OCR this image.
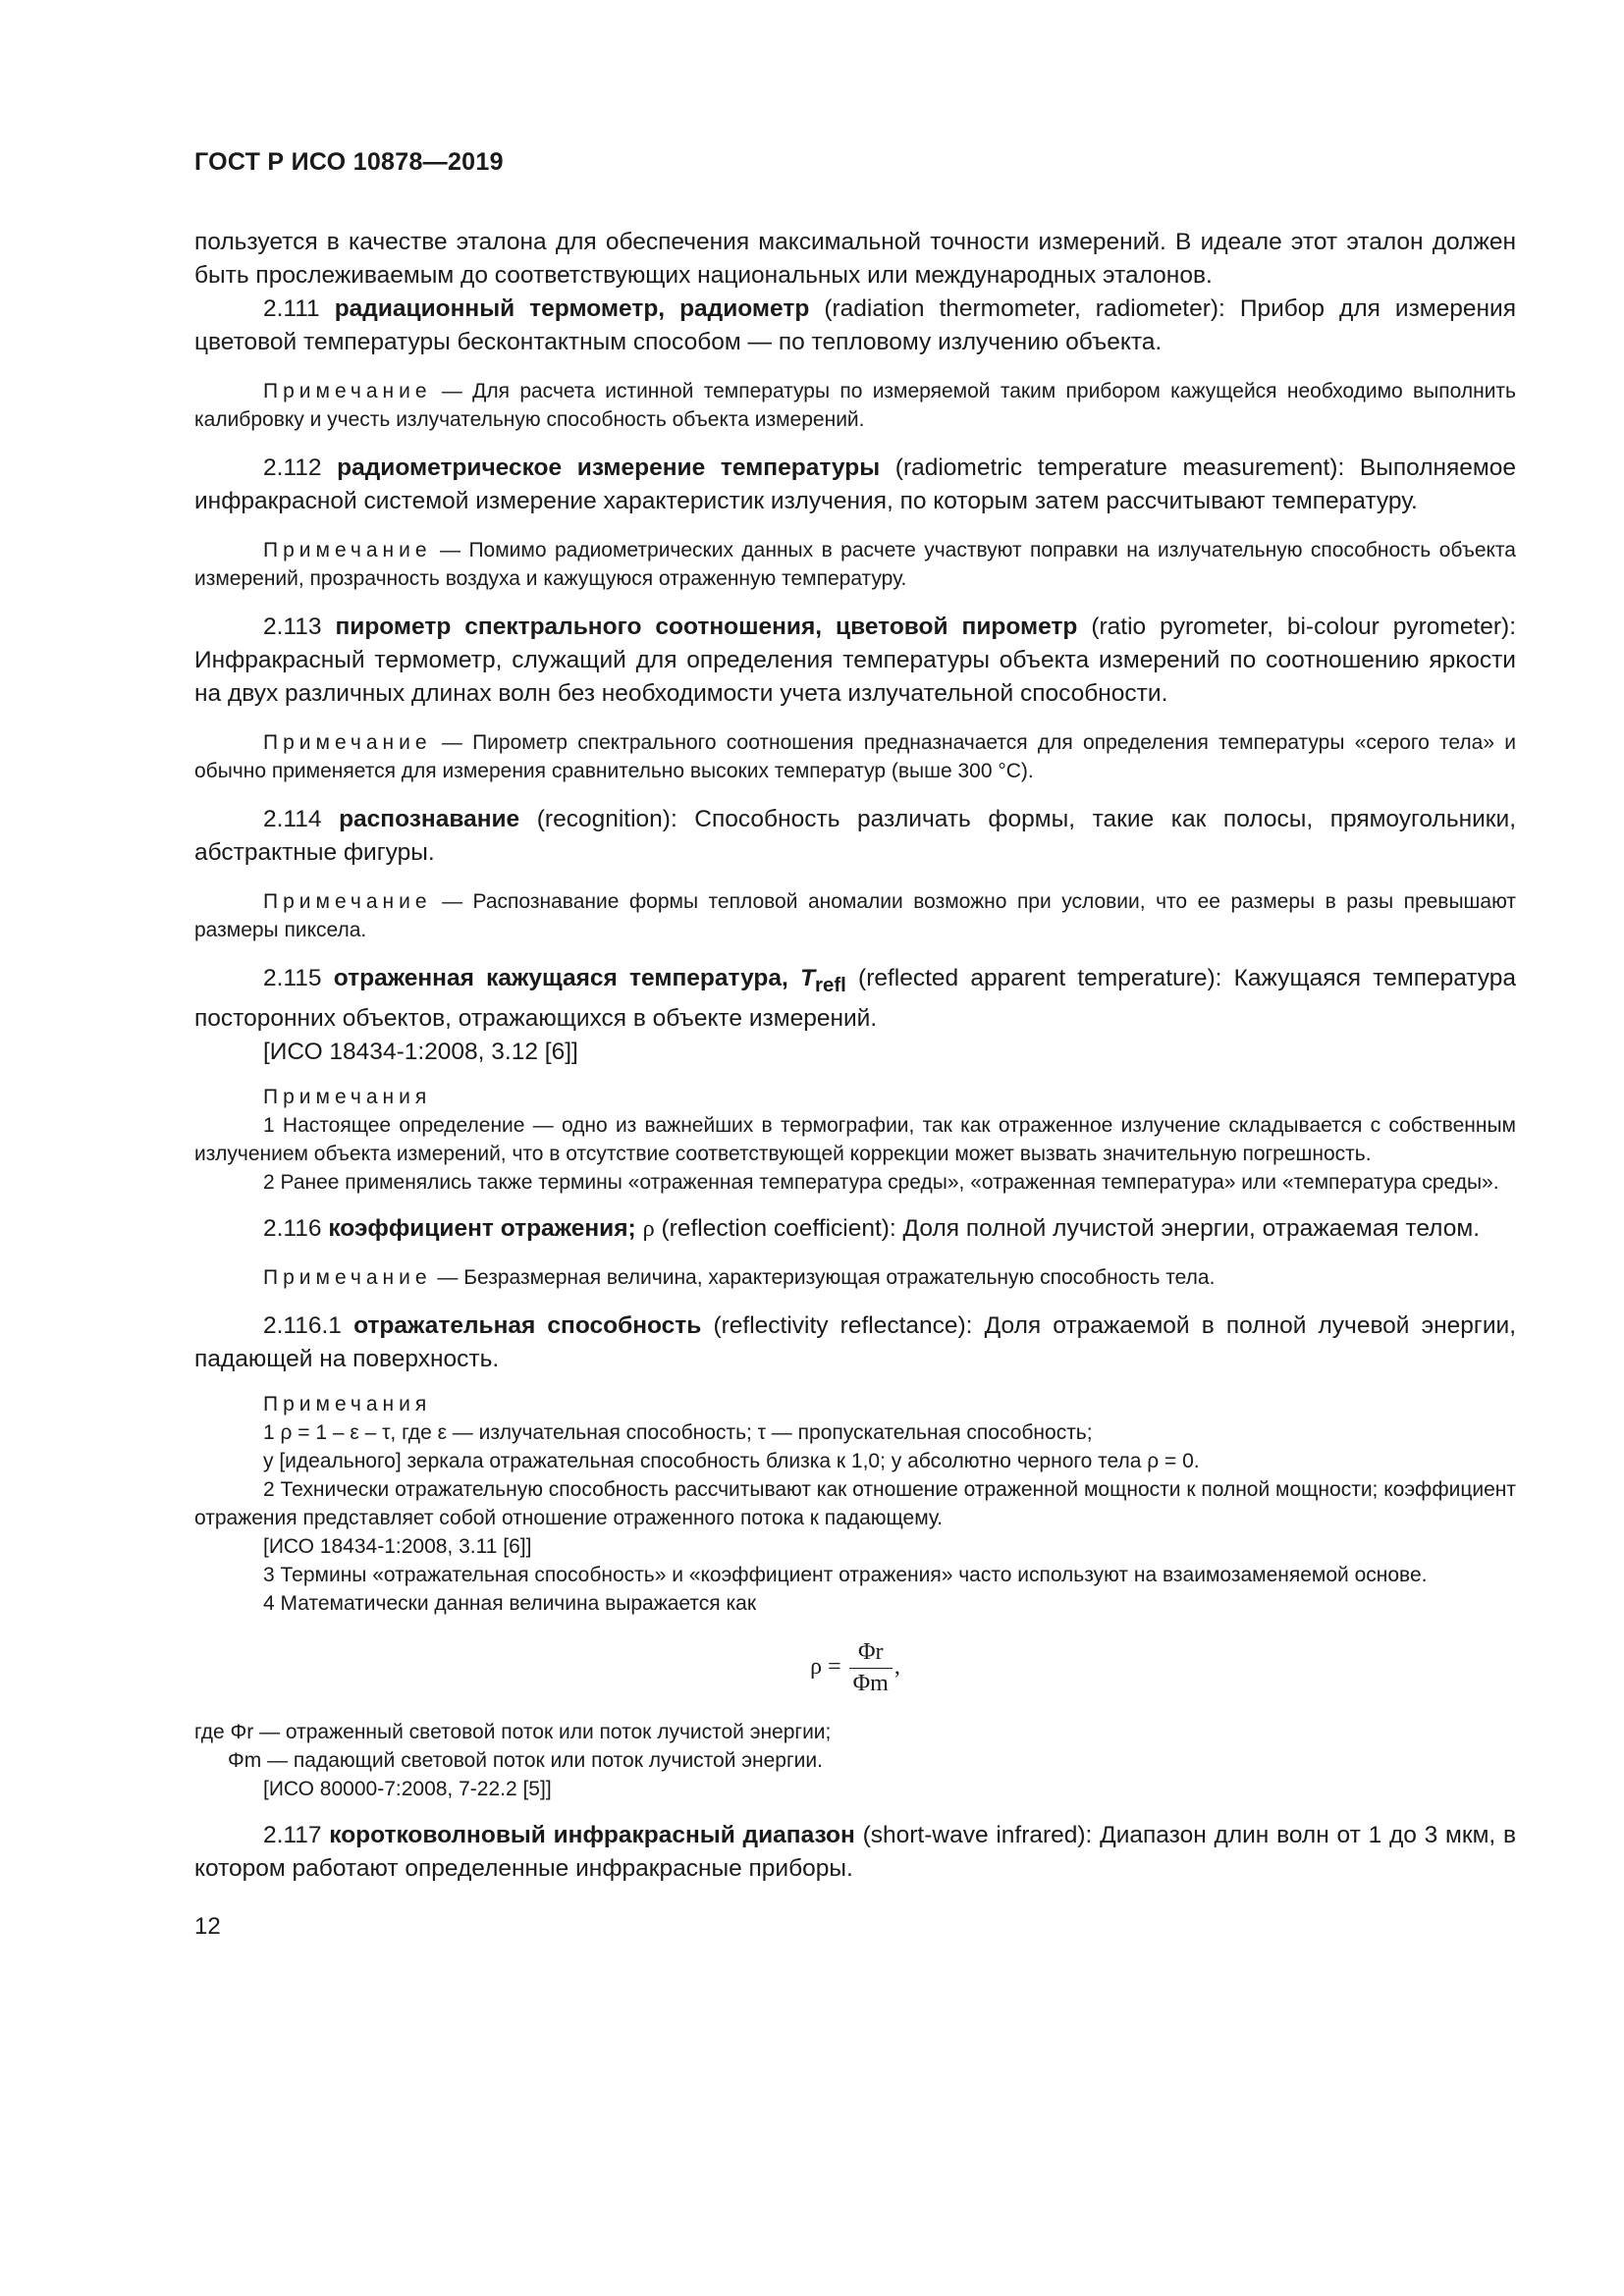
ГОСТ Р ИСО 10878—2019

пользуется в качестве эталона для обеспечения максимальной точности измерений. В идеале этот эталон должен быть прослеживаемым до соответствующих национальных или международных эталонов.

2.111 радиационный термометр, радиометр (radiation thermometer, radiometer): Прибор для измерения цветовой температуры бесконтактным способом — по тепловому излучению объекта.

Примечание — Для расчета истинной температуры по измеряемой таким прибором кажущейся необходимо выполнить калибровку и учесть излучательную способность объекта измерений.

2.112 радиометрическое измерение температуры (radiometric temperature measurement): Выполняемое инфракрасной системой измерение характеристик излучения, по которым затем рассчитывают температуру.

Примечание — Помимо радиометрических данных в расчете участвуют поправки на излучательную способность объекта измерений, прозрачность воздуха и кажущуюся отраженную температуру.

2.113 пирометр спектрального соотношения, цветовой пирометр (ratio pyrometer, bi-colour pyrometer): Инфракрасный термометр, служащий для определения температуры объекта измерений по соотношению яркости на двух различных длинах волн без необходимости учета излучательной способности.

Примечание — Пирометр спектрального соотношения предназначается для определения температуры «серого тела» и обычно применяется для измерения сравнительно высоких температур (выше 300 °C).

2.114 распознавание (recognition): Способность различать формы, такие как полосы, прямоугольники, абстрактные фигуры.

Примечание — Распознавание формы тепловой аномалии возможно при условии, что ее размеры в разы превышают размеры пиксела.

2.115 отраженная кажущаяся температура, $T_{refl}$ (reflected apparent temperature): Кажущаяся температура посторонних объектов, отражающихся в объекте измерений.

[ИСО 18434-1:2008, 3.12 [6]]

Примечания

1 Настоящее определение — одно из важнейших в термографии, так как отраженное излучение складывается с собственным излучением объекта измерений, что в отсутствие соответствующей коррекции может вызвать значительную погрешность.

2 Ранее применялись также термины «отраженная температура среды», «отраженная температура» или «температура среды».

2.116 коэффициент отражения; ρ (reflection coefficient): Доля полной лучистой энергии, отражаемая телом.

Примечание — Безразмерная величина, характеризующая отражательную способность тела.

2.116.1 отражательная способность (reflectivity reflectance): Доля отражаемой в полной лучевой энергии, падающей на поверхность.

Примечания

1 ρ = 1 – ε – τ, где ε — излучательная способность; τ — пропускательная способность;

у [идеального] зеркала отражательная способность близка к 1,0; у абсолютно черного тела ρ = 0.

2 Технически отражательную способность рассчитывают как отношение отраженной мощности к полной мощности; коэффициент отражения представляет собой отношение отраженного потока к падающему.

[ИСО 18434-1:2008, 3.11 [6]]

3 Термины «отражательная способность» и «коэффициент отражения» часто используют на взаимозаменяемой основе.

4 Математически данная величина выражается как

$\rho = \frac{\Phi r}{\Phi m}$ ,

где Φr — отраженный световой поток или поток лучистой энергии;

Φm — падающий световой поток или поток лучистой энергии.

[ИСО 80000-7:2008, 7-22.2 [5]]

2.117 коротковолновый инфракрасный диапазон (short-wave infrared): Диапазон длин волн от 1 до 3 мкм, в котором работают определенные инфракрасные приборы.

12
